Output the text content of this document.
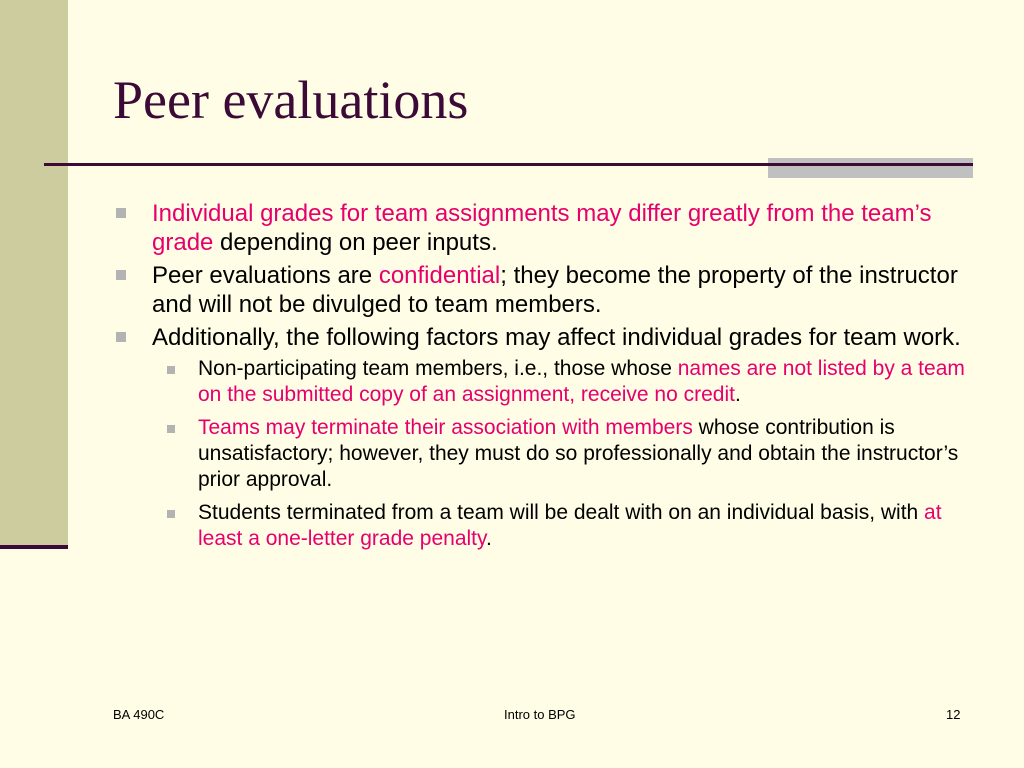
Peer evaluations
Individual grades for team assignments may differ greatly from the team’s grade depending on peer inputs.
Peer evaluations are confidential; they become the property of the instructor and will not be divulged to team members.
Additionally, the following factors may affect individual grades for team work.
Non-participating team members, i.e., those whose names are not listed by a team on the submitted copy of an assignment, receive no credit.
Teams may terminate their association with members whose contribution is unsatisfactory; however, they must do so professionally and obtain the instructor’s prior approval.
Students terminated from a team will be dealt with on an individual basis, with at least a one-letter grade penalty.
BA 490C	Intro to BPG	12
